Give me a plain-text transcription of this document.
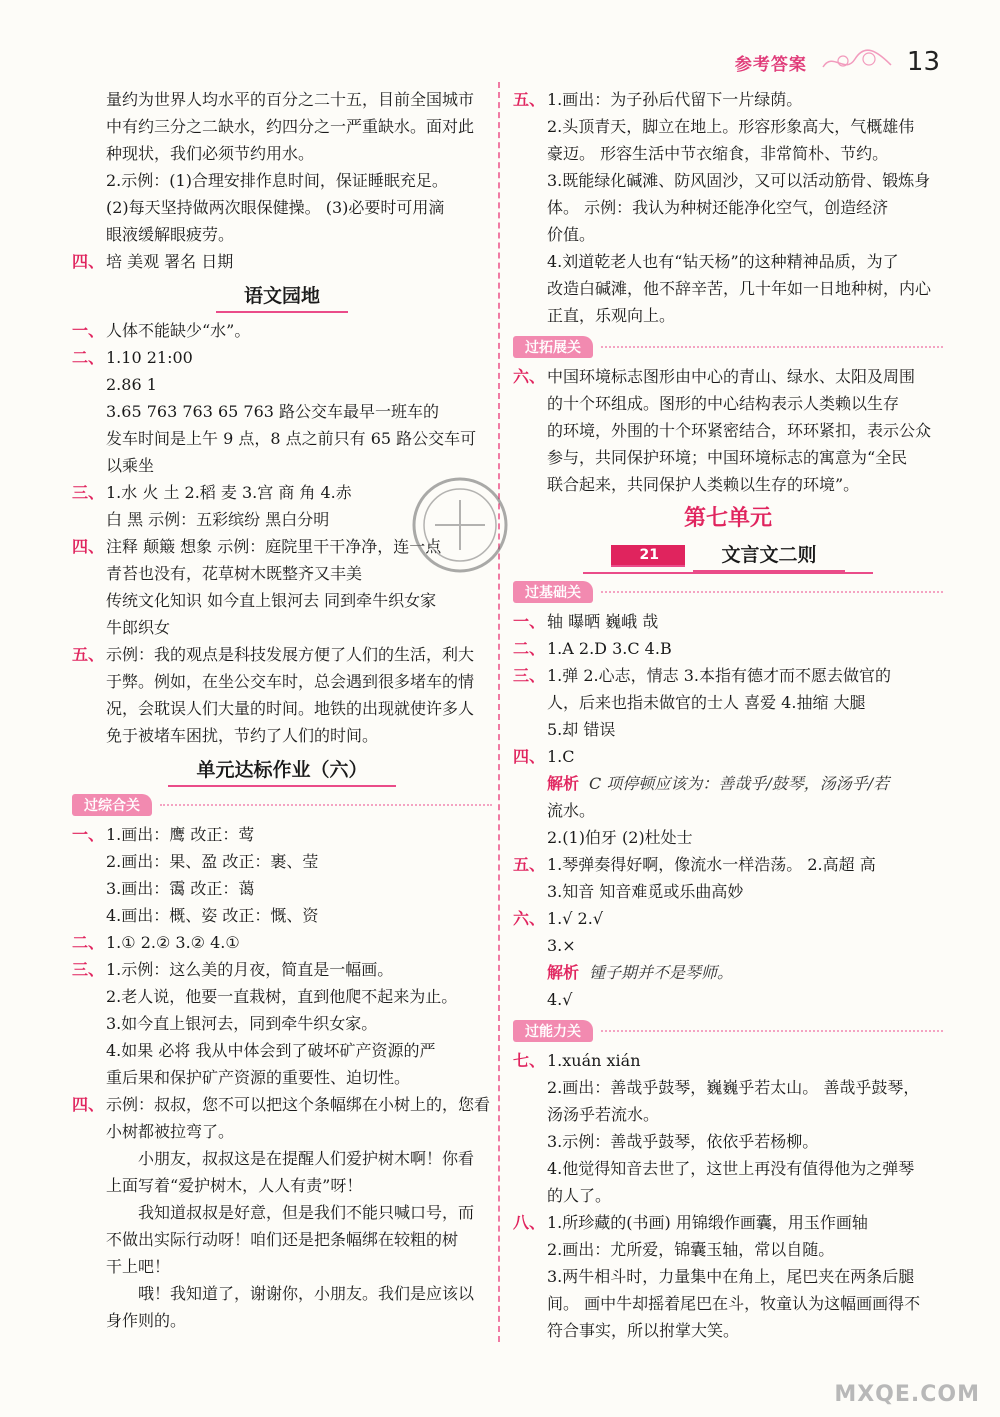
参考答案	13
量约为世界人均水平的百分之二十五，目前全国城市
中有约三分之二缺水，约四分之一严重缺水。面对此
种现状，我们必须节约用水。
2.示例：(1)合理安排作息时间，保证睡眠充足。
(2)每天坚持做两次眼保健操。 (3)必要时可用滴
眼液缓解眼疲劳。
四、 培 美观 署名 日期
语文园地
一、 人体不能缺少“水”。
二、 1.10 21:00
2.86 1
3.65 763 763 65 763 路公交车最早一班车的
发车时间是上午 9 点，8 点之前只有 65 路公交车可
以乘坐
三、 1.水 火 土 2.稻 麦 3.宫 商 角 4.赤
白 黑 示例：五彩缤纷 黑白分明
四、 注释 颠簸 想象 示例：庭院里干干净净，连一点
青苔也没有，花草树木既整齐又丰美
传统文化知识 如今直上银河去 同到牵牛织女家
牛郎织女
五、 示例：我的观点是科技发展方便了人们的生活，利大
于弊。例如，在坐公交车时，总会遇到很多堵车的情
况，会耽误人们大量的时间。地铁的出现就使许多人
免于被堵车困扰，节约了人们的时间。
单元达标作业（六）
过综合关
一、 1.画出：鹰 改正：莺
2.画出：果、盈 改正：裹、莹
3.画出：霭 改正：蔼
4.画出：概、姿 改正：慨、资
二、 1.① 2.② 3.② 4.①
三、 1.示例：这么美的月夜，简直是一幅画。
2.老人说，他要一直栽树，直到他爬不起来为止。
3.如今直上银河去，同到牵牛织女家。
4.如果 必将 我从中体会到了破坏矿产资源的严
重后果和保护矿产资源的重要性、迫切性。
四、 示例：叔叔，您不可以把这个条幅绑在小树上的，您看
小树都被拉弯了。
小朋友，叔叔这是在提醒人们爱护树木啊！你看
上面写着“爱护树木，人人有责”呀！
我知道叔叔是好意，但是我们不能只喊口号，而
不做出实际行动呀！咱们还是把条幅绑在较粗的树
干上吧！
哦！我知道了，谢谢你，小朋友。我们是应该以
身作则的。
五、 1.画出：为子孙后代留下一片绿荫。
2.头顶青天，脚立在地上。形容形象高大，气概雄伟
豪迈。 形容生活中节衣缩食，非常简朴、节约。
3.既能绿化碱滩、防风固沙，又可以活动筋骨、锻炼身
体。 示例：我认为种树还能净化空气，创造经济
价值。
4.刘道乾老人也有“钻天杨”的这种精神品质，为了
改造白碱滩，他不辞辛苦，几十年如一日地种树，内心
正直，乐观向上。
过拓展关
六、 中国环境标志图形由中心的青山、绿水、太阳及周围
的十个环组成。图形的中心结构表示人类赖以生存
的环境，外围的十个环紧密结合，环环紧扣，表示公众
参与，共同保护环境；中国环境标志的寓意为“全民
联合起来，共同保护人类赖以生存的环境”。
第七单元
21	文言文二则
过基础关
一、 轴 曝晒 巍峨 哉
二、 1.A 2.D 3.C 4.B
三、 1.弹 2.心志，情志 3.本指有德才而不愿去做官的
人，后来也指未做官的士人 喜爱 4.抽缩 大腿
5.却 错误
四、 1.C
解析 C 项停顿应该为：善哉乎/鼓琴，汤汤乎/若
流水。
2.(1)伯牙 (2)杜处士
五、 1.琴弹奏得好啊，像流水一样浩荡。 2.高超 高
3.知音 知音难觅或乐曲高妙
六、 1.√ 2.√
3.×
解析 锺子期并不是琴师。
4.√
过能力关
七、 1.xuán xián
2.画出：善哉乎鼓琴，巍巍乎若太山。 善哉乎鼓琴，
汤汤乎若流水。
3.示例：善哉乎鼓琴，依依乎若杨柳。
4.他觉得知音去世了，这世上再没有值得他为之弹琴
的人了。
八、 1.所珍藏的(书画) 用锦缎作画囊，用玉作画轴
2.画出：尤所爱，锦囊玉轴，常以自随。
3.两牛相斗时，力量集中在角上，尾巴夹在两条后腿
间。 画中牛却摇着尾巴在斗，牧童认为这幅画画得不
符合事实，所以拊掌大笑。
MXQE.COM
